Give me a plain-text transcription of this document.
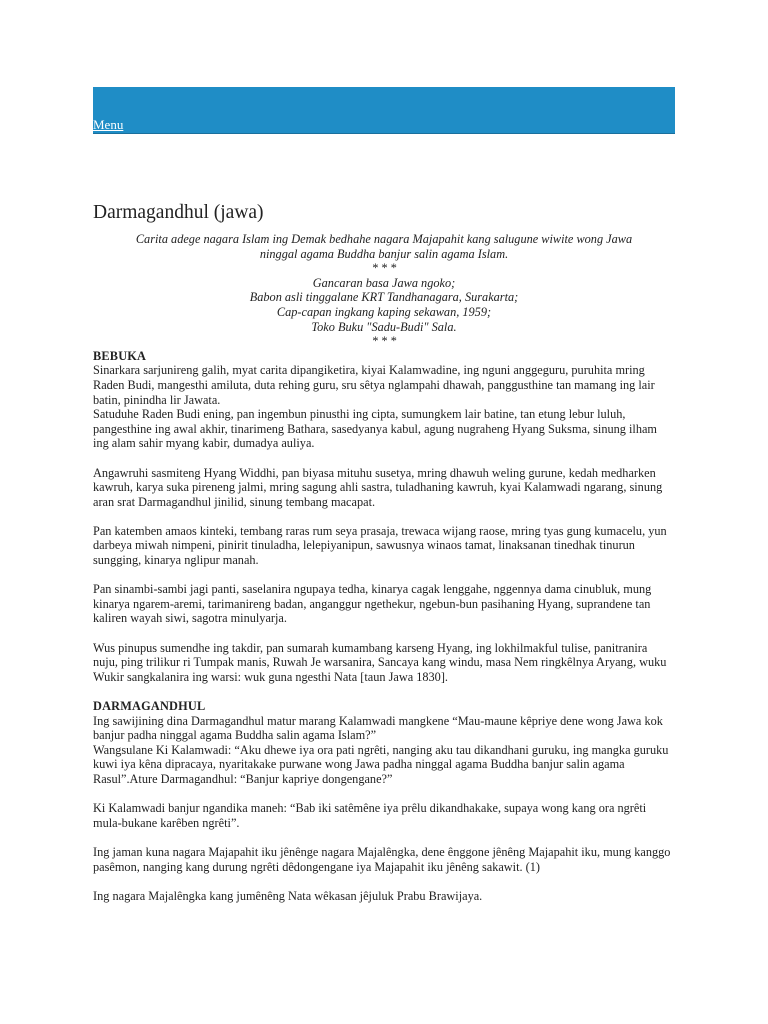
Menu
Darmagandhul (jawa)
Carita adege nagara Islam ing Demak bedhahe nagara Majapahit kang salugune wiwite wong Jawa
ninggal agama Buddha banjur salin agama Islam.
* * *
Gancaran basa Jawa ngoko;
Babon asli tinggalane KRT Tandhanagara, Surakarta;
Cap-capan ingkang kaping sekawan, 1959;
Toko Buku "Sadu-Budi" Sala.
* * *
BEBUKA

Sinarkara sarjunireng galih, myat carita dipangiketira, kiyai Kalamwadine, ing nguni anggeguru, puruhita mring Raden Budi, mangesthi amiluta, duta rehing guru, sru sêtya nglampahi dhawah, panggusthine tan mamang ing lair batin, pinindha lir Jawata.

Satuduhe Raden Budi ening, pan ingembun pinusthi ing cipta, sumungkem lair batine, tan etung lebur luluh, pangesthine ing awal akhir, tinarimeng Bathara, sasedyanya kabul, agung nugraheng Hyang Suksma, sinung ilham ing alam sahir myang kabir, dumadya auliya.

Angawruhi sasmiteng Hyang Widdhi, pan biyasa mituhu susetya, mring dhawuh weling gurune, kedah medharken kawruh, karya suka pireneng jalmi, mring sagung ahli sastra, tuladhaning kawruh, kyai Kalamwadi ngarang, sinung aran srat Darmagandhul jinilid, sinung tembang macapat.

Pan katemben amaos kinteki, tembang raras rum seya prasaja, trewaca wijang raose, mring tyas gung kumacelu, yun darbeya miwah nimpeni, pinirit tinuladha, lelepiyanipun, sawusnya winaos tamat, linaksanan tinedhak tinurun sungging, kinarya nglipur manah.

Pan sinambi-sambi jagi panti, saselanira ngupaya tedha, kinarya cagak lenggahe, nggennya dama cinubluk, mung kinarya ngarem-aremi, tarimanireng badan, anganggur ngethekur, ngebun-bun pasihaning Hyang, suprandene tan kaliren wayah siwi, sagotra minulyarja.

Wus pinupus sumendhe ing takdir, pan sumarah kumambang karseng Hyang, ing lokhilmakful tulise, panitranira nuju, ping trilikur ri Tumpak manis, Ruwah Je warsanira, Sancaya kang windu, masa Nem ringkêlnya Aryang, wuku Wukir sangkalanira ing warsi: wuk guna ngesthi Nata [taun Jawa 1830].

DARMAGANDHUL

Ing sawijining dina Darmagandhul matur marang Kalamwadi mangkene “Mau-maune kêpriye dene wong Jawa kok banjur padha ninggal agama Buddha salin agama Islam?”

Wangsulane Ki Kalamwadi: “Aku dhewe iya ora pati ngrêti, nanging aku tau dikandhani guruku, ing mangka guruku kuwi iya kêna dipracaya, nyaritakake purwane wong Jawa padha ninggal agama Buddha banjur salin agama Rasul”.Ature Darmagandhul: “Banjur kapriye dongengane?”

Ki Kalamwadi banjur ngandika maneh: “Bab iki satêmêne iya prêlu dikandhakake, supaya wong kang ora ngrêti mula-bukane karêben ngrêti”.

Ing jaman kuna nagara Majapahit iku jênênge nagara Majalêngka, dene ênggone jênêng Majapahit iku, mung kanggo pasêmon, nanging kang durung ngrêti dêdongengane iya Majapahit iku jênêng sakawit. (1)

Ing nagara Majalêngka kang jumênêng Nata wêkasan jêjuluk Prabu Brawijaya.
